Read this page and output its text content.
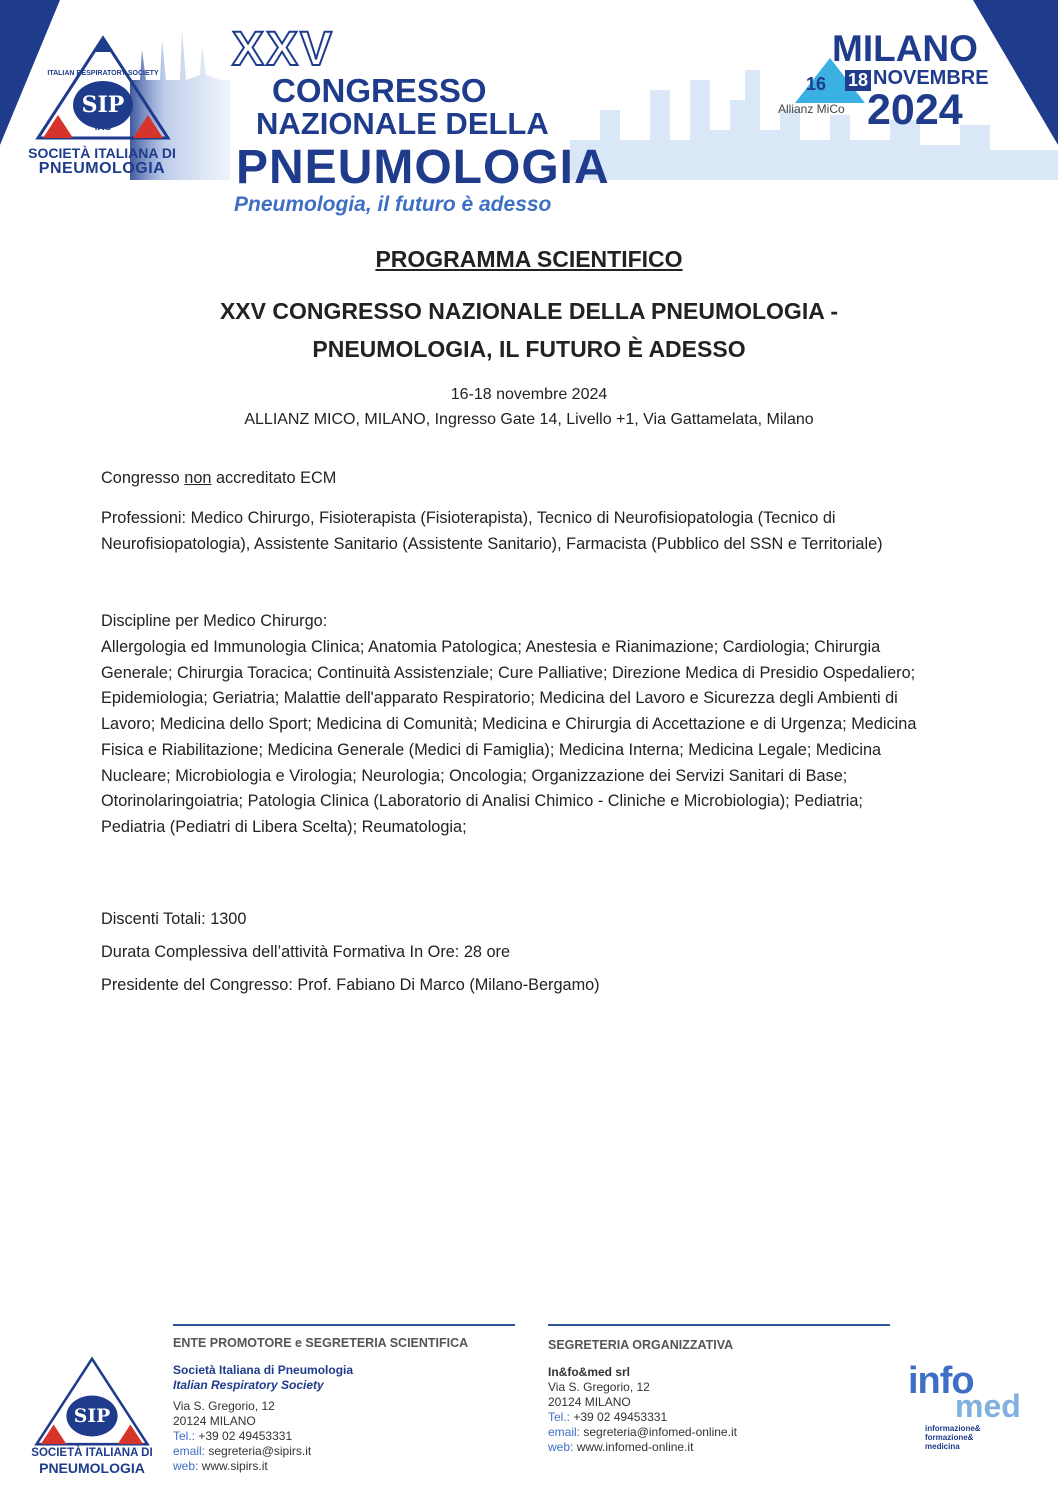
SIP
IRS
ITALIAN RESPIRATORY SOCIETY
SOCIETÀ ITALIANA DI
PNEUMOLOGIA
XXV
CONGRESSO
NAZIONALE DELLA
PNEUMOLOGIA
Pneumologia, il futuro è adesso
MILANO
16 18 NOVEMBRE
Allianz MiCo 2024
PROGRAMMA SCIENTIFICO
XXV CONGRESSO NAZIONALE DELLA PNEUMOLOGIA -
PNEUMOLOGIA, IL FUTURO È ADESSO
16-18 novembre 2024
ALLIANZ MICO, MILANO, Ingresso Gate 14, Livello +1, Via Gattamelata, Milano
Congresso non accreditato ECM
Professioni: Medico Chirurgo, Fisioterapista (Fisioterapista), Tecnico di Neurofisiopatologia (Tecnico di Neurofisiopatologia), Assistente Sanitario (Assistente Sanitario), Farmacista (Pubblico del SSN e Territoriale)
Discipline per Medico Chirurgo:
Allergologia ed Immunologia Clinica; Anatomia Patologica; Anestesia e Rianimazione; Cardiologia; Chirurgia Generale; Chirurgia Toracica; Continuità Assistenziale; Cure Palliative; Direzione Medica di Presidio Ospedaliero; Epidemiologia; Geriatria; Malattie dell'apparato Respiratorio; Medicina del Lavoro e Sicurezza degli Ambienti di Lavoro; Medicina dello Sport; Medicina di Comunità; Medicina e Chirurgia di Accettazione e di Urgenza; Medicina Fisica e Riabilitazione; Medicina Generale (Medici di Famiglia); Medicina Interna; Medicina Legale; Medicina Nucleare; Microbiologia e Virologia; Neurologia; Oncologia; Organizzazione dei Servizi Sanitari di Base; Otorinolaringoiatria; Patologia Clinica (Laboratorio di Analisi Chimico - Cliniche e Microbiologia); Pediatria; Pediatria (Pediatri di Libera Scelta); Reumatologia;
Discenti Totali: 1300
Durata Complessiva dell’attività Formativa In Ore: 28 ore
Presidente del Congresso: Prof. Fabiano Di Marco (Milano-Bergamo)
SIP
SOCIETÀ ITALIANA DI
PNEUMOLOGIA
ENTE PROMOTORE e SEGRETERIA SCIENTIFICA
Società Italiana di Pneumologia
Italian Respiratory Society
Via S. Gregorio, 12
20124 MILANO
Tel.: +39 02 49453331
email: segreteria@sipirs.it
web: www.sipirs.it
SEGRETERIA ORGANIZZATIVA
In&fo&med srl
Via S. Gregorio, 12
20124 MILANO
Tel.: +39 02 49453331
email: segreteria@infomed-online.it
web: www.infomed-online.it
info
med
informazione&
formazione&
medicina
